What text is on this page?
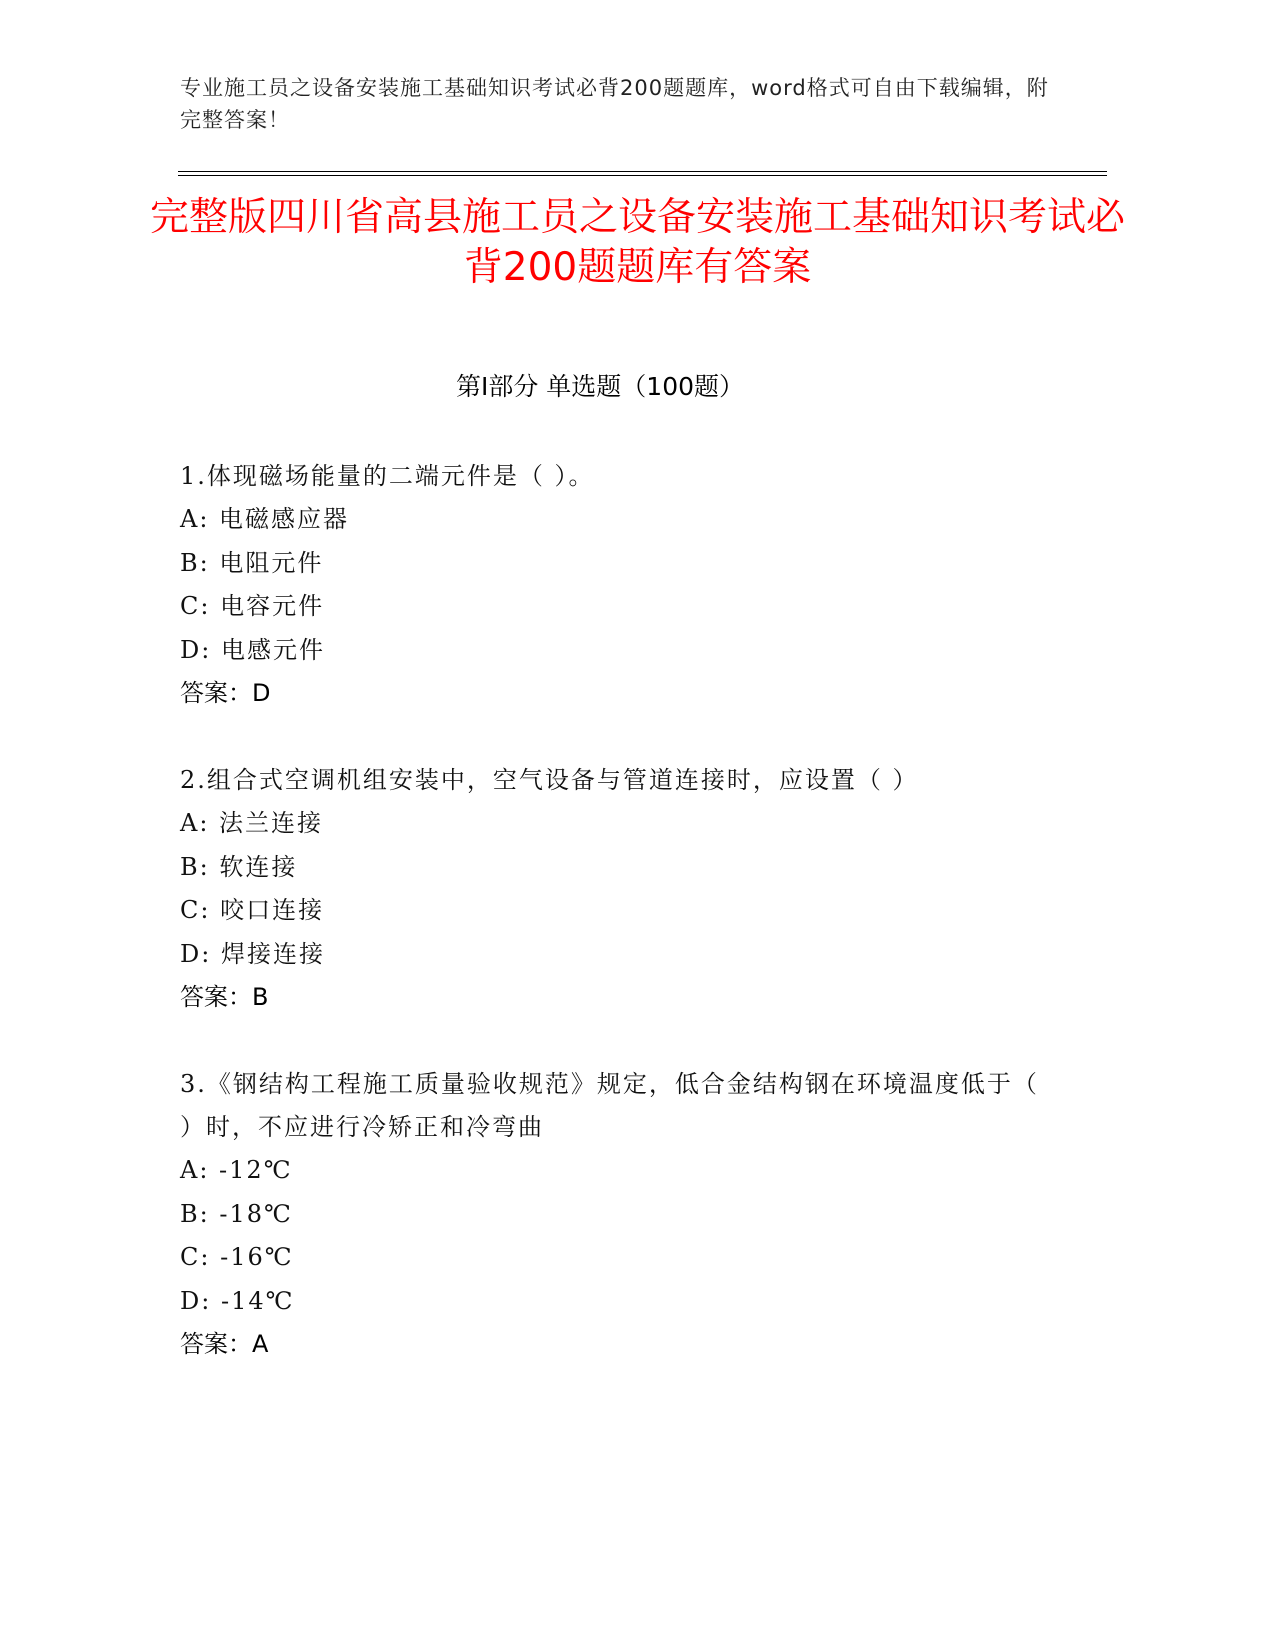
专业施工员之设备安装施工基础知识考试必背200题题库，word格式可自由下载编辑，附完整答案！
完整版四川省高县施工员之设备安装施工基础知识考试必背200题题库有答案
第Ⅰ部分 单选题（100题）
1.体现磁场能量的二端元件是（ ）。
A: 电磁感应器
B: 电阻元件
C: 电容元件
D: 电感元件
答案：D
2.组合式空调机组安装中，空气设备与管道连接时，应设置（ ）
A: 法兰连接
B: 软连接
C: 咬口连接
D: 焊接连接
答案：B
3.《钢结构工程施工质量验收规范》规定，低合金结构钢在环境温度低于（ ）时，不应进行冷矫正和冷弯曲
A: -12℃
B: -18℃
C: -16℃
D: -14℃
答案：A
